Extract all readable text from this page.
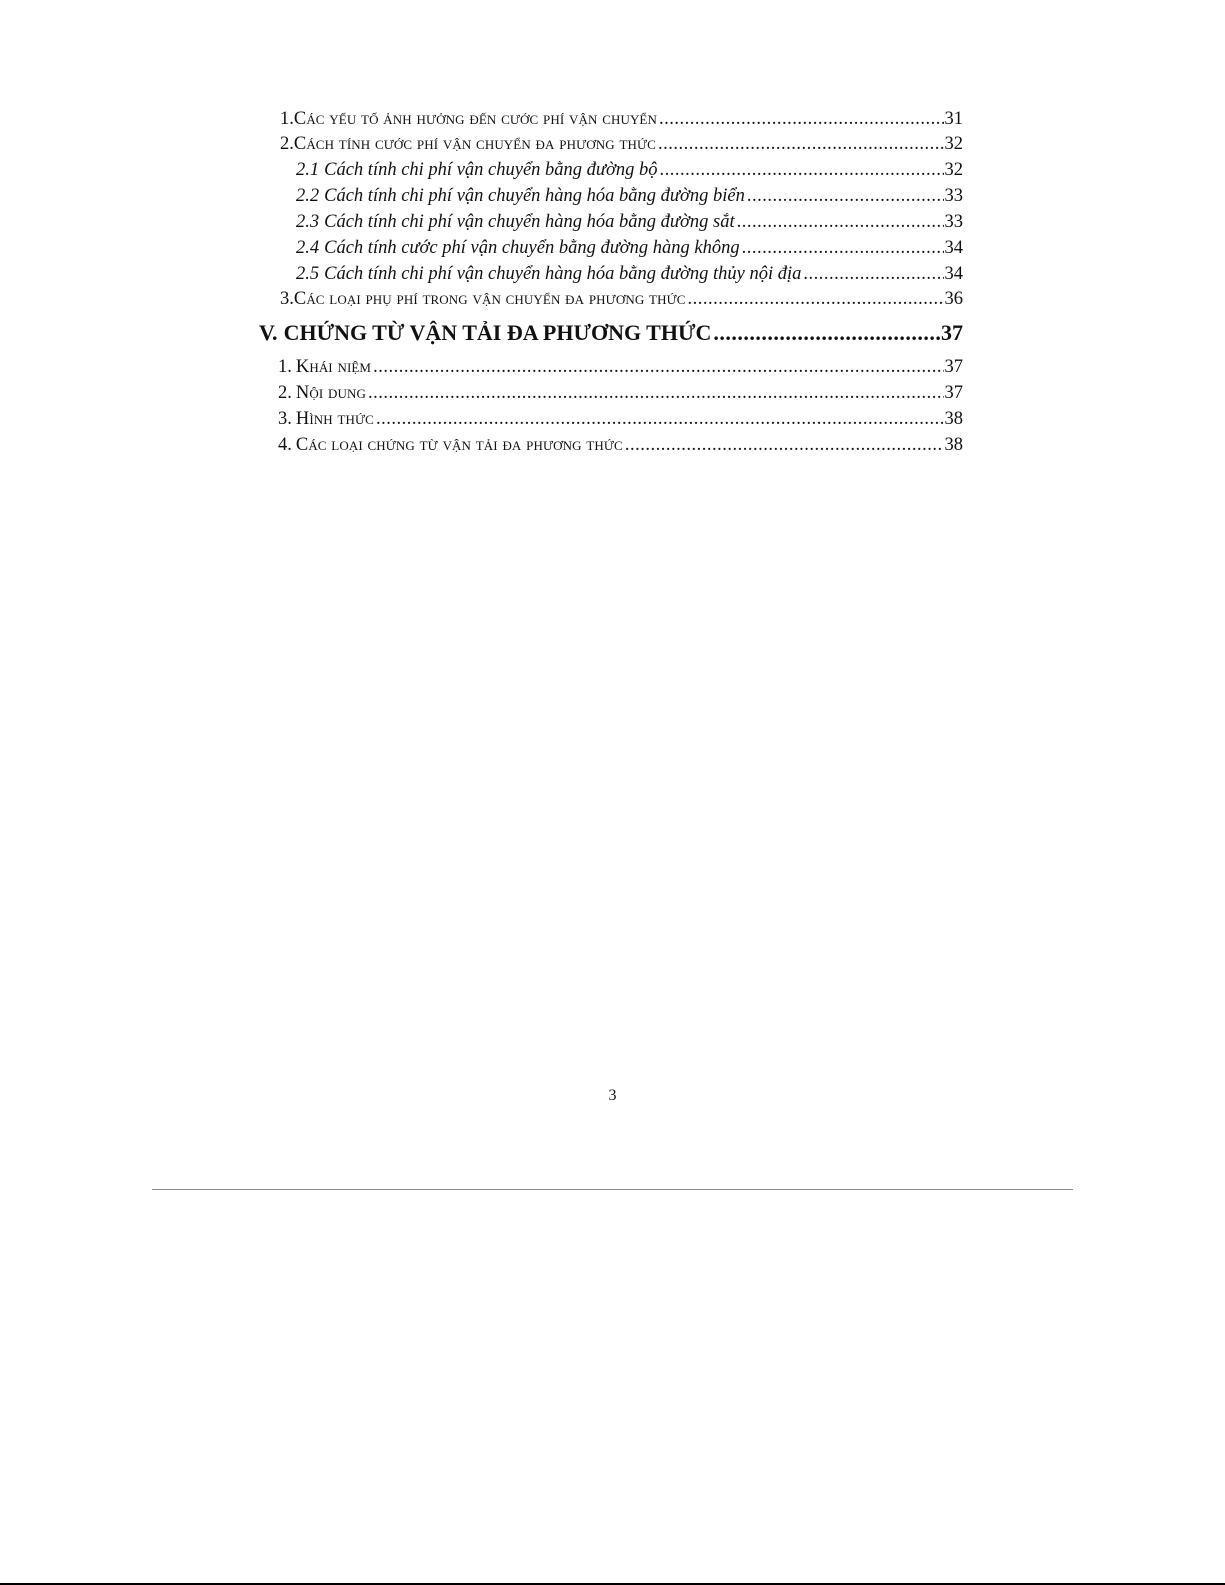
1. Các yếu tố ảnh hưởng đến cước phí vận chuyển .....	31
2. Cách tính cước phí vận chuyển đa phương thức .....	32
2.1 Cách tính chi phí vận chuyển bằng đường bộ .....	32
2.2 Cách tính chi phí vận chuyển hàng hóa bằng đường biển .....	33
2.3 Cách tính chi phí vận chuyển hàng hóa bằng đường sắt .....	33
2.4 Cách tính cước phí vận chuyển bằng đường hàng không .....	34
2.5 Cách tính chi phí vận chuyển hàng hóa bằng đường thủy nội địa .....	34
3. Các loại phụ phí trong vận chuyển đa phương thức .....	36
V. CHỨNG TỪ VẬN TẢI ĐA PHƯƠNG THỨC .....	37
1. Khái niệm .....	37
2. Nội dung .....	37
3. Hình thức .....	38
4. Các loại chứng từ vận tải đa phương thức .....	38
3
